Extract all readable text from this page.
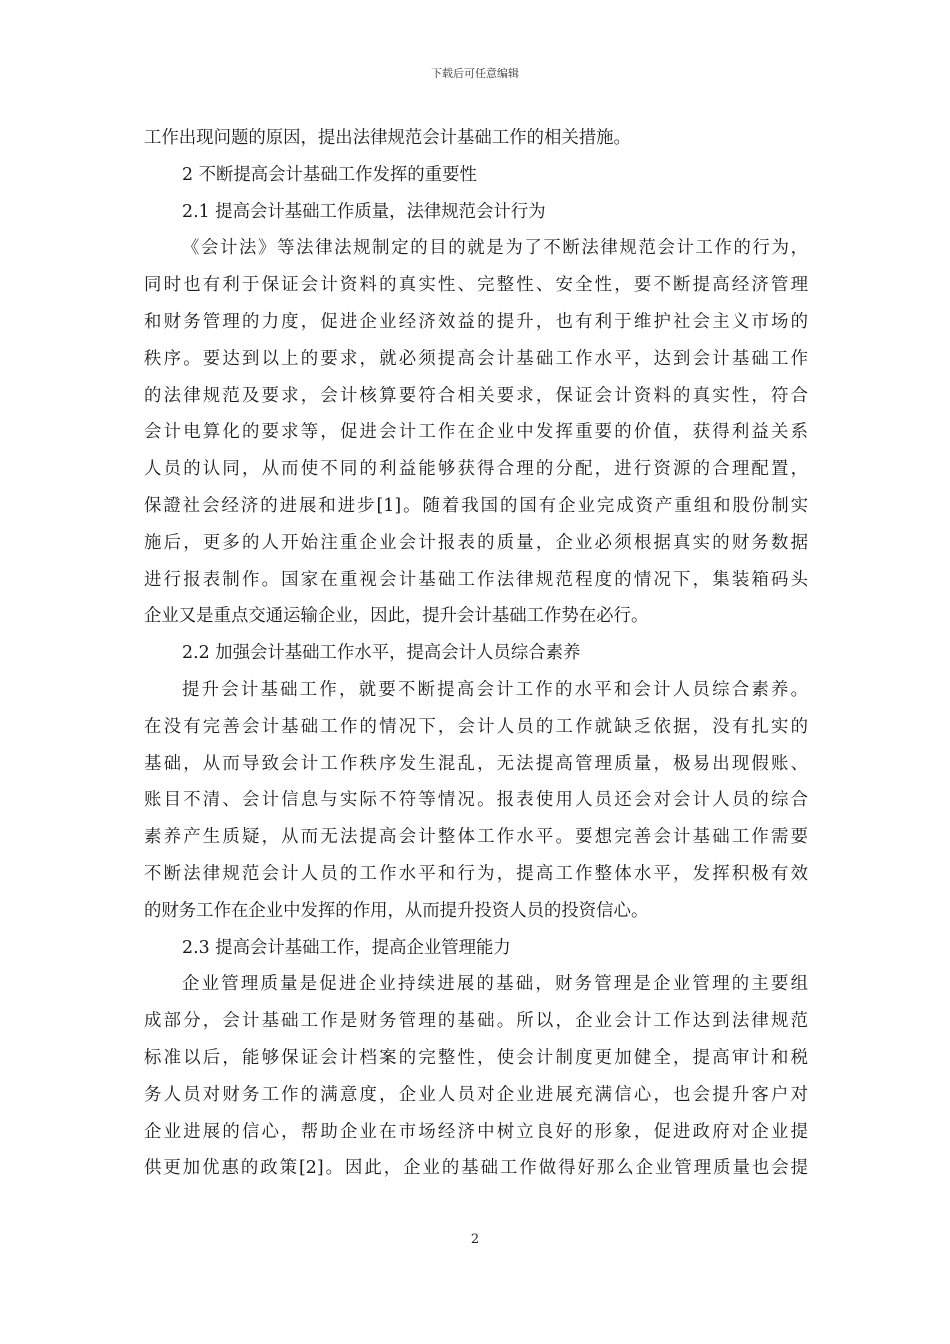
下载后可任意编辑
工作出现问题的原因，提出法律规范会计基础工作的相关措施。
2 不断提高会计基础工作发挥的重要性
2.1 提高会计基础工作质量，法律规范会计行为
《会计法》等法律法规制定的目的就是为了不断法律规范会计工作的行为，
同时也有利于保证会计资料的真实性、完整性、安全性，要不断提高经济管理
和财务管理的力度，促进企业经济效益的提升，也有利于维护社会主义市场的
秩序。要达到以上的要求，就必须提高会计基础工作水平，达到会计基础工作
的法律规范及要求，会计核算要符合相关要求，保证会计资料的真实性，符合
会计电算化的要求等，促进会计工作在企业中发挥重要的价值，获得利益关系
人员的认同，从而使不同的利益能够获得合理的分配，进行资源的合理配置，
保證社会经济的进展和进步[1]。随着我国的国有企业完成资产重组和股份制实
施后，更多的人开始注重企业会计报表的质量，企业必须根据真实的财务数据
进行报表制作。国家在重视会计基础工作法律规范程度的情况下，集装箱码头
企业又是重点交通运输企业，因此，提升会计基础工作势在必行。
2.2 加强会计基础工作水平，提高会计人员综合素养
提升会计基础工作，就要不断提高会计工作的水平和会计人员综合素养。
在没有完善会计基础工作的情况下，会计人员的工作就缺乏依据，没有扎实的
基础，从而导致会计工作秩序发生混乱，无法提高管理质量，极易出现假账、
账目不清、会计信息与实际不符等情况。报表使用人员还会对会计人员的综合
素养产生质疑，从而无法提高会计整体工作水平。要想完善会计基础工作需要
不断法律规范会计人员的工作水平和行为，提高工作整体水平，发挥积极有效
的财务工作在企业中发挥的作用，从而提升投资人员的投资信心。
2.3 提高会计基础工作，提高企业管理能力
企业管理质量是促进企业持续进展的基础，财务管理是企业管理的主要组
成部分，会计基础工作是财务管理的基础。所以，企业会计工作达到法律规范
标准以后，能够保证会计档案的完整性，使会计制度更加健全，提高审计和税
务人员对财务工作的满意度，企业人员对企业进展充满信心，也会提升客户对
企业进展的信心，帮助企业在市场经济中树立良好的形象，促进政府对企业提
供更加优惠的政策[2]。因此，企业的基础工作做得好那么企业管理质量也会提
2
